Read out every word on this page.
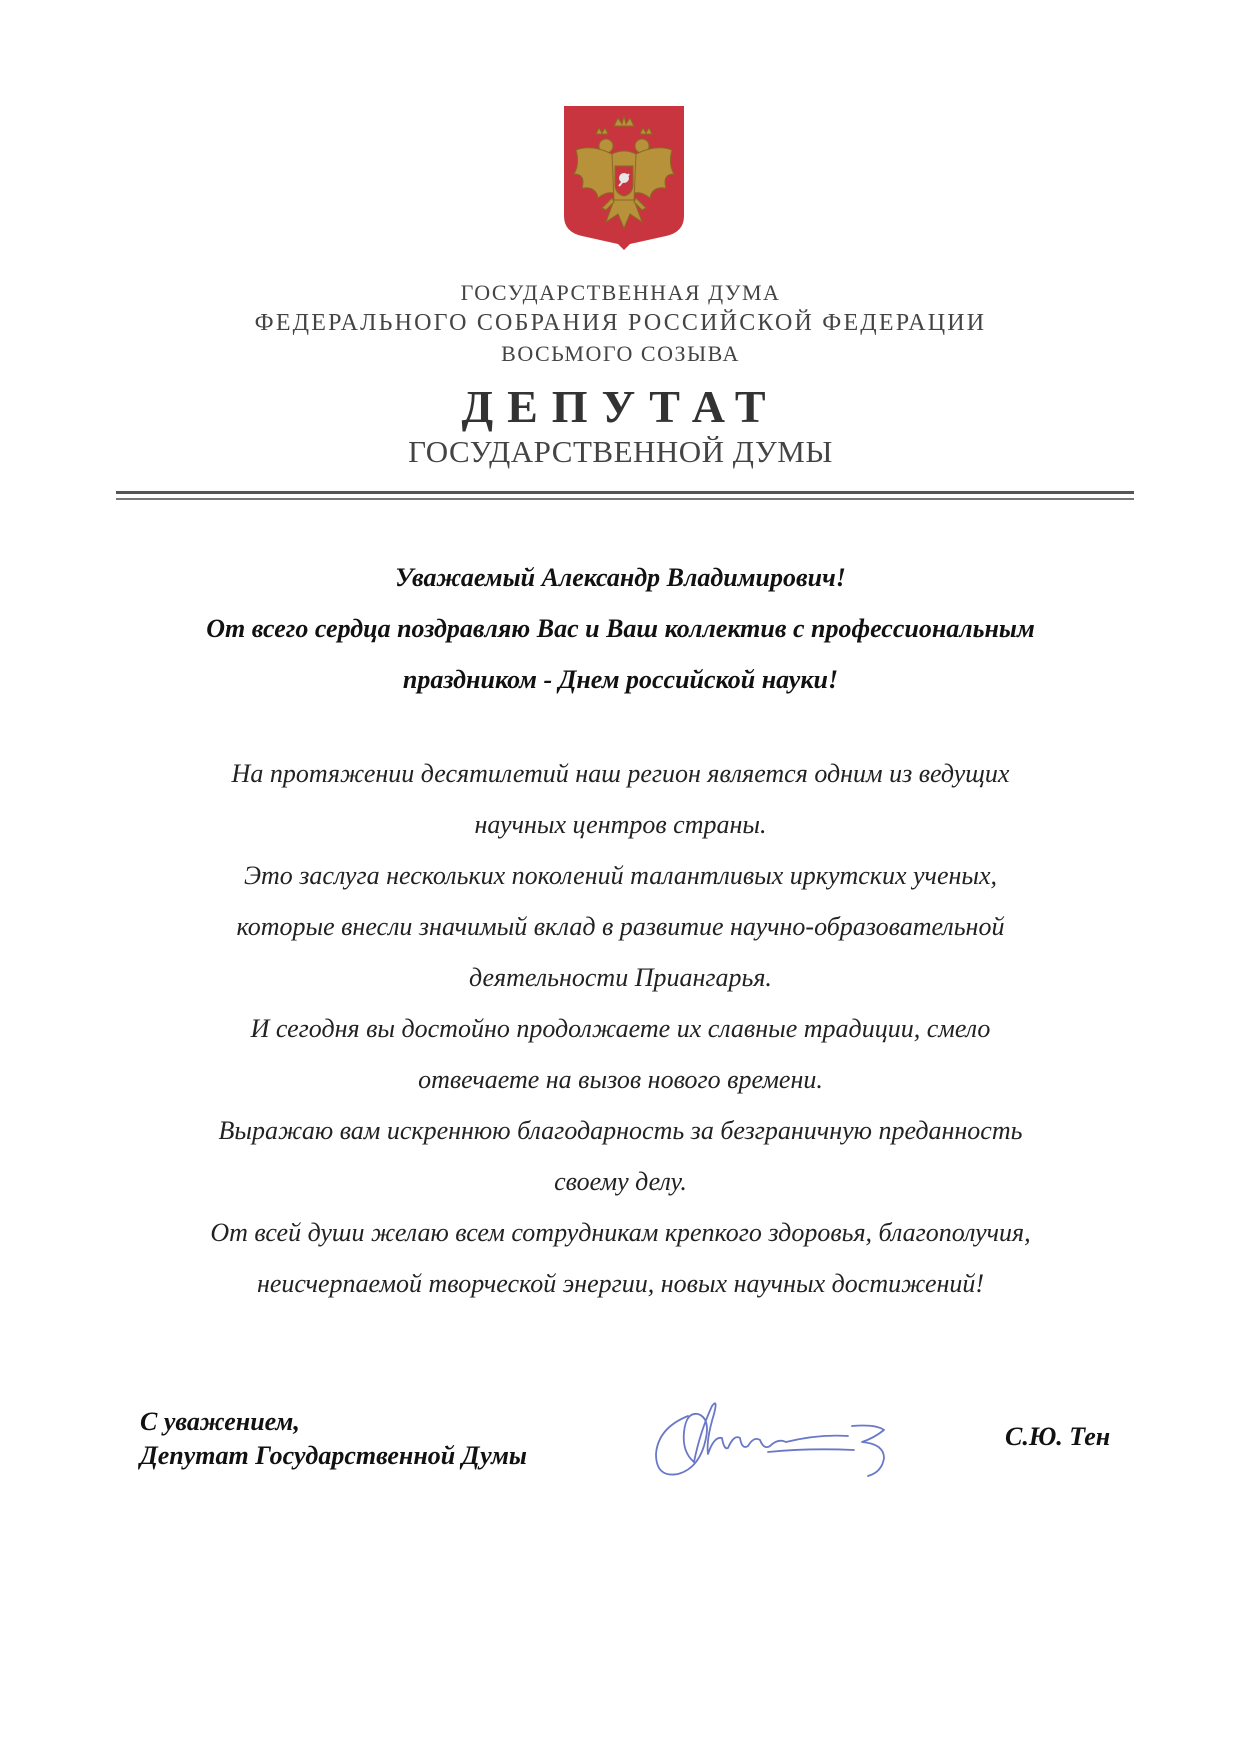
ГОСУДАРСТВЕННАЯ ДУМА
ФЕДЕРАЛЬНОГО СОБРАНИЯ РОССИЙСКОЙ ФЕДЕРАЦИИ
ВОСЬМОГО СОЗЫВА
ДЕПУТАТ
ГОСУДАРСТВЕННОЙ ДУМЫ
Уважаемый Александр Владимирович!
От всего сердца поздравляю Вас и Ваш коллектив с профессиональным
праздником - Днем российской науки!
На протяжении десятилетий наш регион является одним из ведущих
научных центров страны.
Это заслуга нескольких поколений талантливых иркутских ученых,
которые внесли значимый вклад в развитие научно-образовательной
деятельности Приангарья.
И сегодня вы достойно продолжаете их славные традиции, смело
отвечаете на вызов нового времени.
Выражаю вам искреннюю благодарность за безграничную преданность
своему делу.
От всей души желаю всем сотрудникам крепкого здоровья, благополучия,
неисчерпаемой творческой энергии, новых научных достижений!
С уважением,
Депутат Государственной Думы
С.Ю. Тен
